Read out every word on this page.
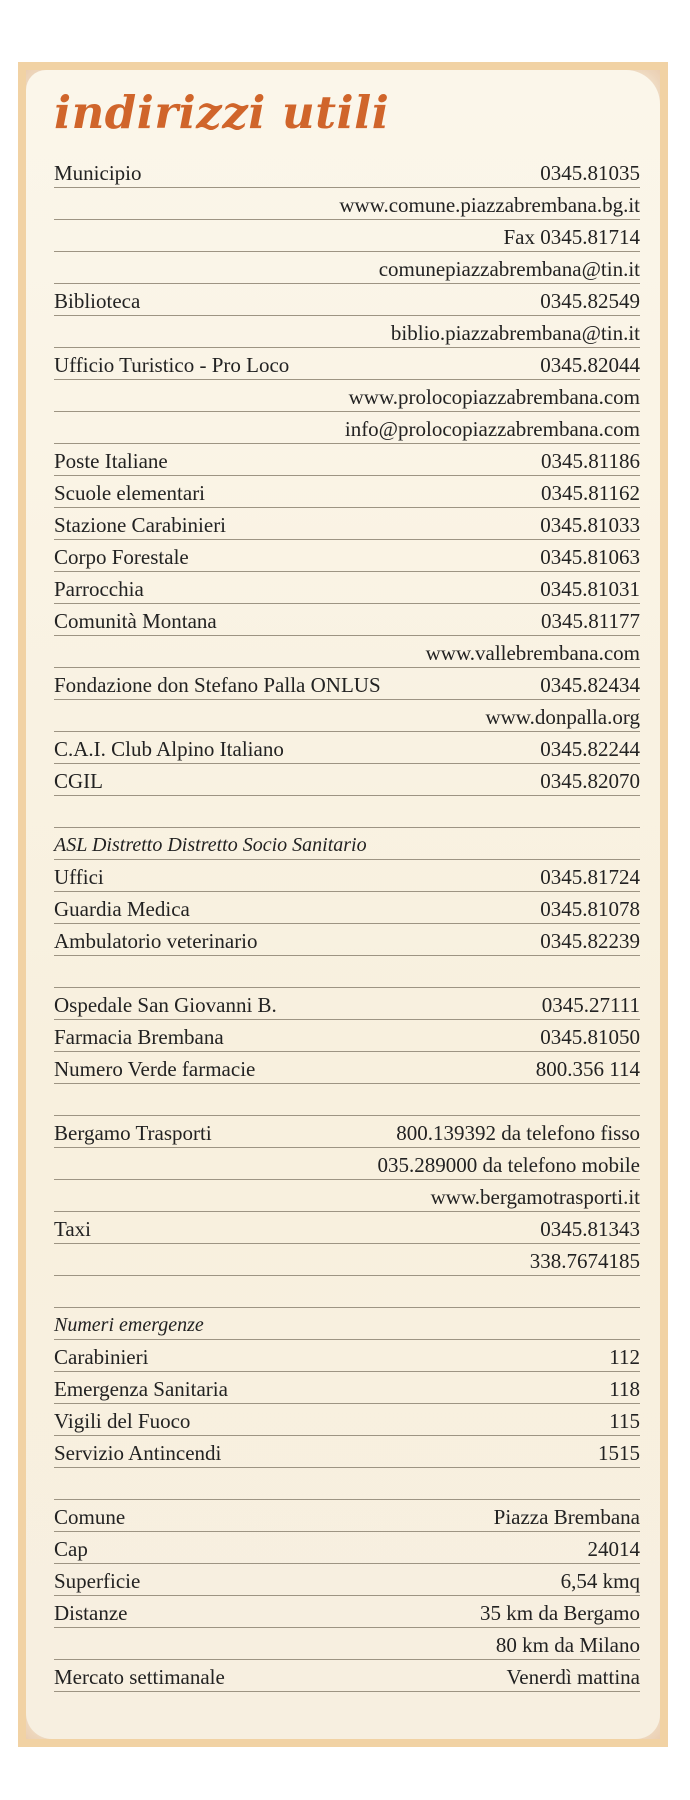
indirizzi utili
Municipio	0345.81035
www.comune.piazzabrembana.bg.it
Fax 0345.81714
comunepiazzabrembana@tin.it
Biblioteca	0345.82549
biblio.piazzabrembana@tin.it
Ufficio Turistico - Pro Loco	0345.82044
www.prolocopiazzabrembana.com
info@prolocopiazzabrembana.com
Poste Italiane	0345.81186
Scuole elementari	0345.81162
Stazione Carabinieri	0345.81033
Corpo Forestale	0345.81063
Parrocchia	0345.81031
Comunità Montana	0345.81177
www.vallebrembana.com
Fondazione don Stefano Palla ONLUS	0345.82434
www.donpalla.org
C.A.I. Club Alpino Italiano	0345.82244
CGIL	0345.82070
ASL Distretto Distretto Socio Sanitario
Uffici	0345.81724
Guardia Medica	0345.81078
Ambulatorio veterinario	0345.82239
Ospedale San Giovanni B.	0345.27111
Farmacia Brembana	0345.81050
Numero Verde farmacie	800.356 114
Bergamo Trasporti	800.139392 da telefono fisso
035.289000 da telefono mobile
www.bergamotrasporti.it
Taxi	0345.81343
338.7674185
Numeri emergenze
Carabinieri	112
Emergenza Sanitaria	118
Vigili del Fuoco	115
Servizio Antincendi	1515
Comune	Piazza Brembana
Cap	24014
Superficie	6,54 kmq
Distanze	35 km da Bergamo
80 km da Milano
Mercato settimanale	Venerdì mattina
